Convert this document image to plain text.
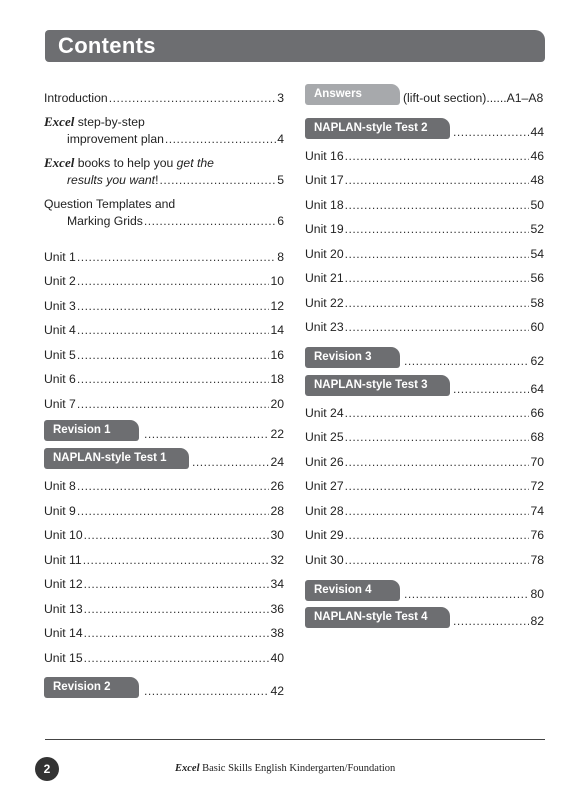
Contents
Introduction .....	3
Excel step-by-step
improvement plan .....	4
Excel books to help you get the
results you want! .....	5
Question Templates and
Marking Grids .....	6
Unit 1 .....	8
Unit 2 .....	10
Unit 3 .....	12
Unit 4 .....	14
Unit 5 .....	16
Unit 6 .....	18
Unit 7 .....	20
Revision 1 .....	22
NAPLAN-style Test 1 .....	24
Unit 8 .....	26
Unit 9 .....	28
Unit 10 .....	30
Unit 11 .....	32
Unit 12 .....	34
Unit 13 .....	36
Unit 14 .....	38
Unit 15 .....	40
Revision 2 .....	42
Answers	(lift-out section)......A1–A8
NAPLAN-style Test 2 .....	44
Unit 16 .....	46
Unit 17 .....	48
Unit 18 .....	50
Unit 19 .....	52
Unit 20 .....	54
Unit 21 .....	56
Unit 22 .....	58
Unit 23 .....	60
Revision 3 .....	62
NAPLAN-style Test 3 .....	64
Unit 24 .....	66
Unit 25 .....	68
Unit 26 .....	70
Unit 27 .....	72
Unit 28 .....	74
Unit 29 .....	76
Unit 30 .....	78
Revision 4 .....	80
NAPLAN-style Test 4 .....	82
2	Excel Basic Skills English Kindergarten/Foundation
